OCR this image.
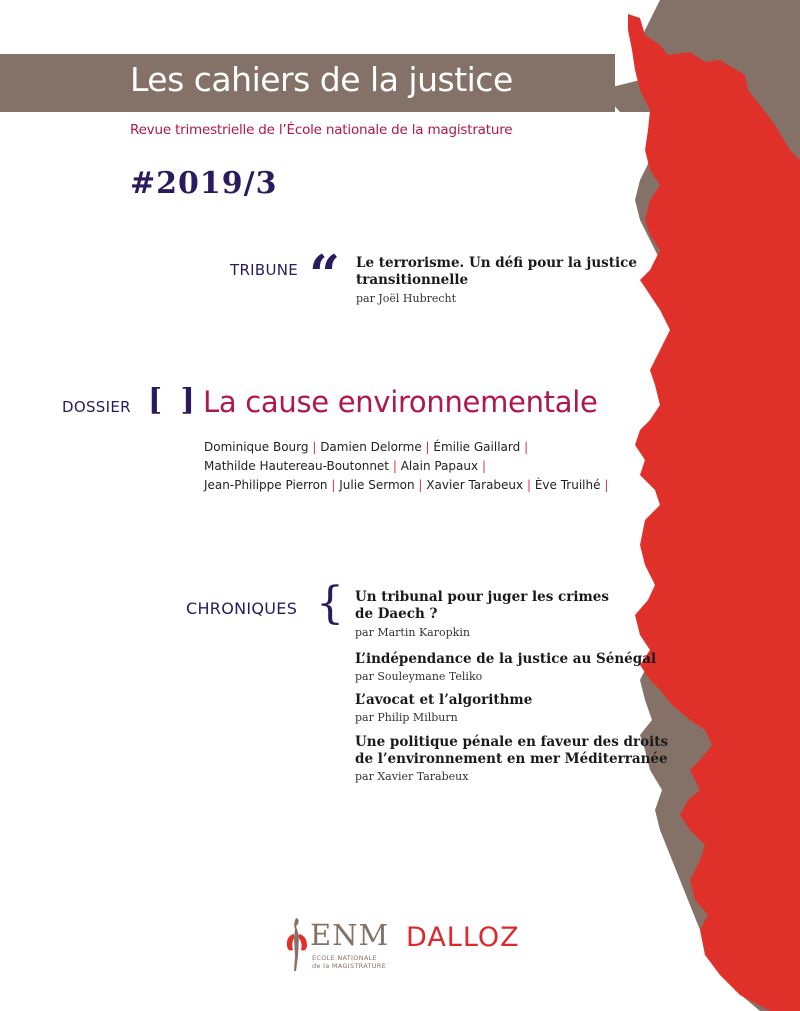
Les cahiers de la justice
Revue trimestrielle de l’École nationale de la magistrature
#2019/3
TRIBUNE “ Le terrorisme. Un défi pour la justice
transitionnelle
par Joël Hubrecht
DOSSIER [ ] La cause environnementale
Dominique Bourg | Damien Delorme | Émilie Gaillard |
Mathilde Hautereau-Boutonnet | Alain Papaux |
Jean-Philippe Pierron | Julie Sermon | Xavier Tarabeux | Ève Truilhé |
CHRONIQUES { Un tribunal pour juger les crimes
de Daech ?
par Martin Karopkin
L’indépendance de la justice au Sénégal
par Souleymane Teliko
L’avocat et l’algorithme
par Philip Milburn
Une politique pénale en faveur des droits
de l’environnement en mer Méditerranée
par Xavier Tarabeux
ENM
ÉCOLE NATIONALE
de la MAGISTRATURE
DALLOZ
